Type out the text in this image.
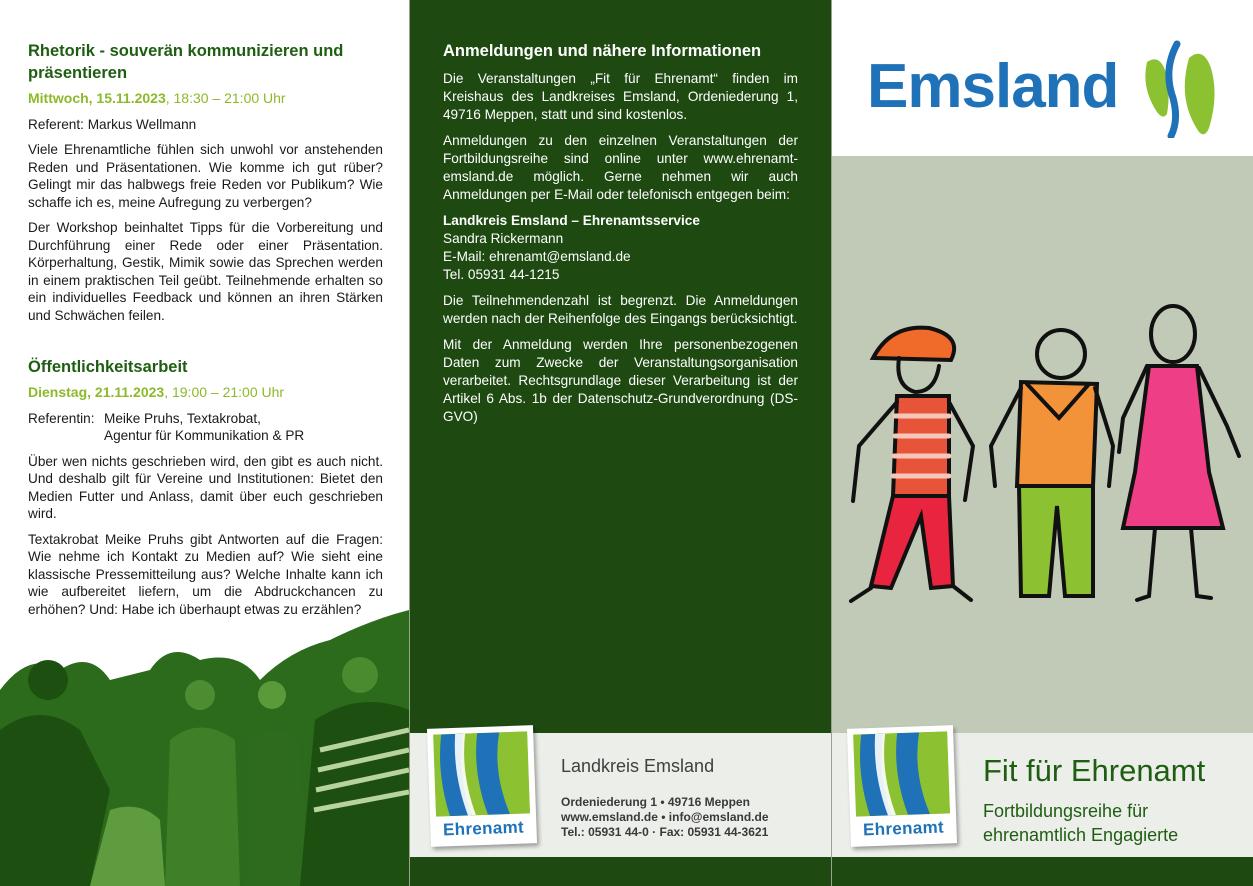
Rhetorik - souverän kommunizieren und
präsentieren
Mittwoch, 15.11.2023, 18:30 – 21:00 Uhr

Referent: Markus Wellmann

Viele Ehrenamtliche fühlen sich unwohl vor anstehenden Reden und Präsentationen. Wie komme ich gut rüber? Gelingt mir das halbwegs freie Reden vor Publikum? Wie schaffe ich es, meine Aufregung zu verbergen?

Der Workshop beinhaltet Tipps für die Vorbereitung und Durchführung einer Rede oder einer Präsentation. Körperhaltung, Gestik, Mimik sowie das Sprechen werden in einem praktischen Teil geübt. Teilnehmende erhalten so ein individuelles Feedback und können an ihren Stärken und Schwächen feilen.

Öffentlichkeitsarbeit
Dienstag, 21.11.2023, 19:00 – 21:00 Uhr
Referentin: Meike Pruhs, Textakrobat,
Agentur für Kommunikation & PR

Über wen nichts geschrieben wird, den gibt es auch nicht. Und deshalb gilt für Vereine und Institutionen: Bietet den Medien Futter und Anlass, damit über euch geschrieben wird.

Textakrobat Meike Pruhs gibt Antworten auf die Fragen: Wie nehme ich Kontakt zu Medien auf? Wie sieht eine klassische Pressemitteilung aus? Welche Inhalte kann ich wie aufbereitet liefern, um die Abdruckchancen zu erhöhen? Und: Habe ich überhaupt etwas zu erzählen?

Anmeldungen und nähere Informationen

Die Veranstaltungen „Fit für Ehrenamt“ finden im Kreishaus des Landkreises Emsland, Ordeniederung 1, 49716 Meppen, statt und sind kostenlos.

Anmeldungen zu den einzelnen Veranstaltungen der Fortbildungsreihe sind online unter www.ehrenamt-emsland.de möglich. Gerne nehmen wir auch Anmeldungen per E-Mail oder telefonisch entgegen beim:

Landkreis Emsland – Ehrenamtsservice
Sandra Rickermann
E-Mail: ehrenamt@emsland.de
Tel. 05931 44-1215

Die Teilnehmendenzahl ist begrenzt. Die Anmeldungen werden nach der Reihenfolge des Eingangs berücksichtigt.

Mit der Anmeldung werden Ihre personenbezogenen Daten zum Zwecke der Veranstaltungsorganisation verarbeitet. Rechtsgrundlage dieser Verarbeitung ist der Artikel 6 Abs. 1b der Datenschutz-Grundverordnung (DS-GVO)

Ehrenamt
Landkreis Emsland
Ordeniederung 1 • 49716 Meppen
www.emsland.de • info@emsland.de
Tel.: 05931 44-0 · Fax: 05931 44-3621
Emsland
Ehrenamt
Fit für Ehrenamt
Fortbildungsreihe für
ehrenamtlich Engagierte
